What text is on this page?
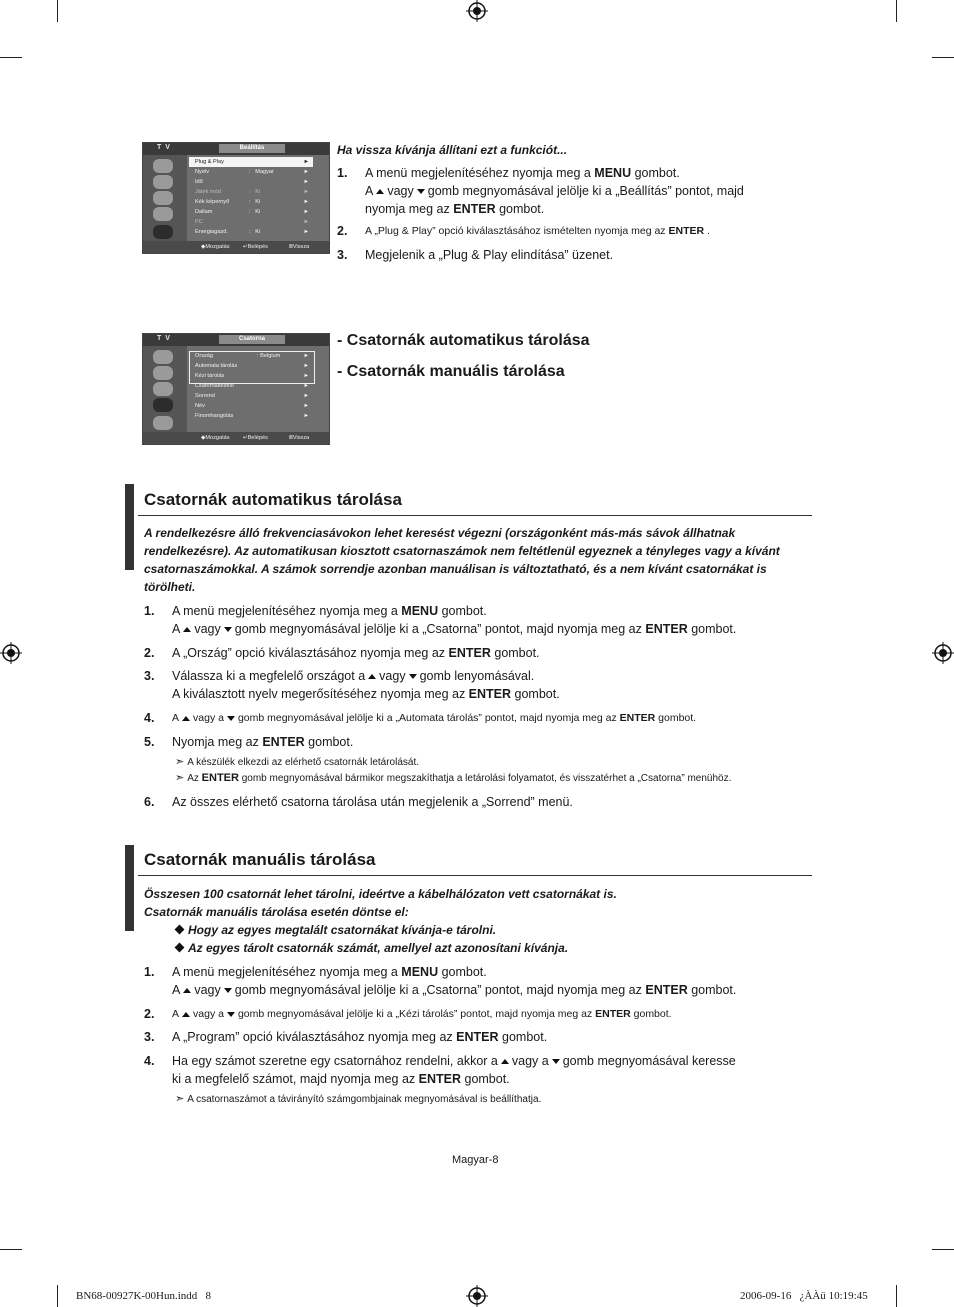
T V	Beállítás
Plug & Play	►
Nyelv	: Magyar	►
Idő	►
Játék mód	: Ki	►
Kék képernyő	: Ki	►
Dallam	: Ki	►
PC	►
Energiagazd.	: Ki	►
◆ Mozgatás ↵ Belépés	Ⅲ Vissza
Ha vissza kívánja állítani ezt a funkciót...
1. A menü megjelenítéséhez nyomja meg a MENU gombot.
A vagy gomb megnyomásával jelölje ki a „Beállítás” pontot, majd
nyomja meg az ENTER gombot.
2. A „Plug & Play” opció kiválasztásához ismételten nyomja meg az ENTER .
3. Megjelenik a „Plug & Play elindítása” üzenet.
T V	Csatorna
Ország	: Belgium	►
Automata tárolás	►
Kézi tárolás	►
Csatornakezelő	►
Sorrend	►
Név	►
Finomhangolás	►
◆ Mozgatás ↵ Belépés	Ⅲ Vissza
- Csatornák automatikus tárolása
- Csatornák manuális tárolása
Csatornák automatikus tárolása
A rendelkezésre álló frekvenciasávokon lehet keresést végezni (országonként más-más sávok állhatnak
rendelkezésre). Az automatikusan kiosztott csatornaszámok nem feltétlenül egyeznek a tényleges vagy a kívánt
csatornaszámokkal. A számok sorrendje azonban manuálisan is változtatható, és a nem kívánt csatornákat is
törölheti.
1. A menü megjelenítéséhez nyomja meg a MENU gombot.
A vagy gomb megnyomásával jelölje ki a „Csatorna” pontot, majd nyomja meg az ENTER gombot.
2. A „Ország” opció kiválasztásához nyomja meg az ENTER gombot.
3. Válassza ki a megfelelő országot a vagy gomb lenyomásával.
A kiválasztott nyelv megerősítéséhez nyomja meg az ENTER gombot.
4. A vagy a gomb megnyomásával jelölje ki a „Automata tárolás” pontot, majd nyomja meg az ENTER gombot.
5. Nyomja meg az ENTER gombot.
➣ A készülék elkezdi az elérhető csatornák letárolását.
➣ Az ENTER gomb megnyomásával bármikor megszakíthatja a letárolási folyamatot, és visszatérhet a „Csatorna” menühöz.
6. Az összes elérhető csatorna tárolása után megjelenik a „Sorrend” menü.
Csatornák manuális tárolása
Összesen 100 csatornát lehet tárolni, ideértve a kábelhálózaton vett csatornákat is.
Csatornák manuális tárolása esetén döntse el:
Hogy az egyes megtalált csatornákat kívánja-e tárolni.
Az egyes tárolt csatornák számát, amellyel azt azonosítani kívánja.
1. A menü megjelenítéséhez nyomja meg a MENU gombot.
A vagy gomb megnyomásával jelölje ki a „Csatorna” pontot, majd nyomja meg az ENTER gombot.
2. A vagy a gomb megnyomásával jelölje ki a „Kézi tárolás” pontot, majd nyomja meg az ENTER gombot.
3. A „Program” opció kiválasztásához nyomja meg az ENTER gombot.
4. Ha egy számot szeretne egy csatornához rendelni, akkor a vagy a gomb megnyomásával keresse
ki a megfelelő számot, majd nyomja meg az ENTER gombot.
➣ A csatornaszámot a távirányító számgombjainak megnyomásával is beállíthatja.
Magyar-8
BN68-00927K-00Hun.indd   8	2006-09-16   ¿ÀÀü 10:19:45
